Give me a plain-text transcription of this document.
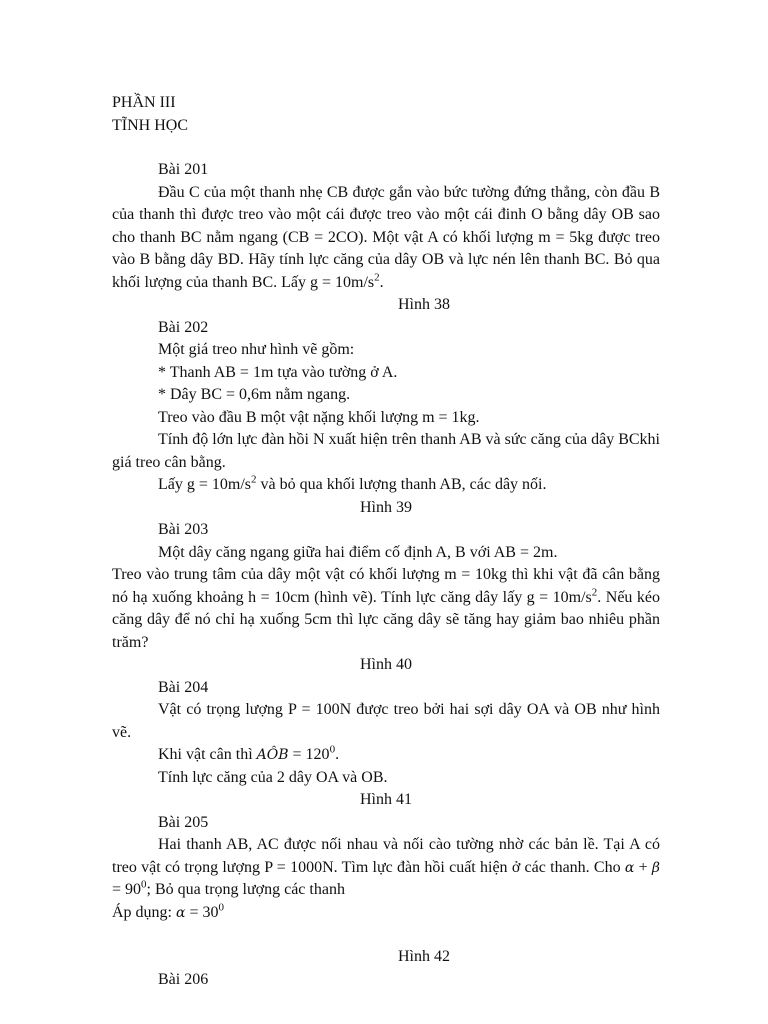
PHẦN III

TĨNH HỌC

Bài 201

Đầu C của một thanh nhẹ CB được gắn vào bức tường đứng thẳng, còn đầu B của thanh thì được treo vào một cái được treo vào một cái đinh O bằng dây OB sao cho thanh BC nằm ngang (CB = 2CO). Một vật A có khối lượng m = 5kg được treo vào B bằng dây BD. Hãy tính lực căng của dây OB và lực nén lên thanh BC. Bỏ qua khối lượng của thanh BC. Lấy $g = 10m/s^2$.

Hình 38

Bài 202

Một giá treo như hình vẽ gồm:

* Thanh AB = 1m tựa vào tường ở A.

* Dây BC = 0,6m nằm ngang.

Treo vào đầu B một vật nặng khối lượng m = 1kg.

Tính độ lớn lực đàn hồi N xuất hiện trên thanh AB và sức căng của dây BCkhi giá treo cân bằng.

Lấy $g = 10m/s^2$ và bỏ qua khối lượng thanh AB, các dây nối.

Hình 39

Bài 203

Một dây căng ngang giữa hai điểm cố định A, B với AB = 2m.

Treo vào trung tâm của dây một vật có khối lượng m = 10kg thì khi vật đã cân bằng nó hạ xuống khoảng h = 10cm (hình vẽ). Tính lực căng dây lấy $g = 10m/s^2$. Nếu kéo căng dây để nó chỉ hạ xuống 5cm thì lực căng dây sẽ tăng hay giảm bao nhiêu phần trăm?

Hình 40

Bài 204

Vật có trọng lượng P = 100N được treo bởi hai sợi dây OA và OB như hình vẽ.

Khi vật cân thì AÔB = $120^0$.

Tính lực căng của 2 dây OA và OB.

Hình 41

Bài 205

Hai thanh AB, AC được nối nhau và nối cào tường nhờ các bản lề. Tại A có treo vật có trọng lượng P = 1000N. Tìm lực đàn hồi cuất hiện ở các thanh. Cho $\alpha + \beta = 90^0$; Bỏ qua trọng lượng các thanh

Áp dụng: $\alpha = 30^0$

Hình 42

Bài 206
